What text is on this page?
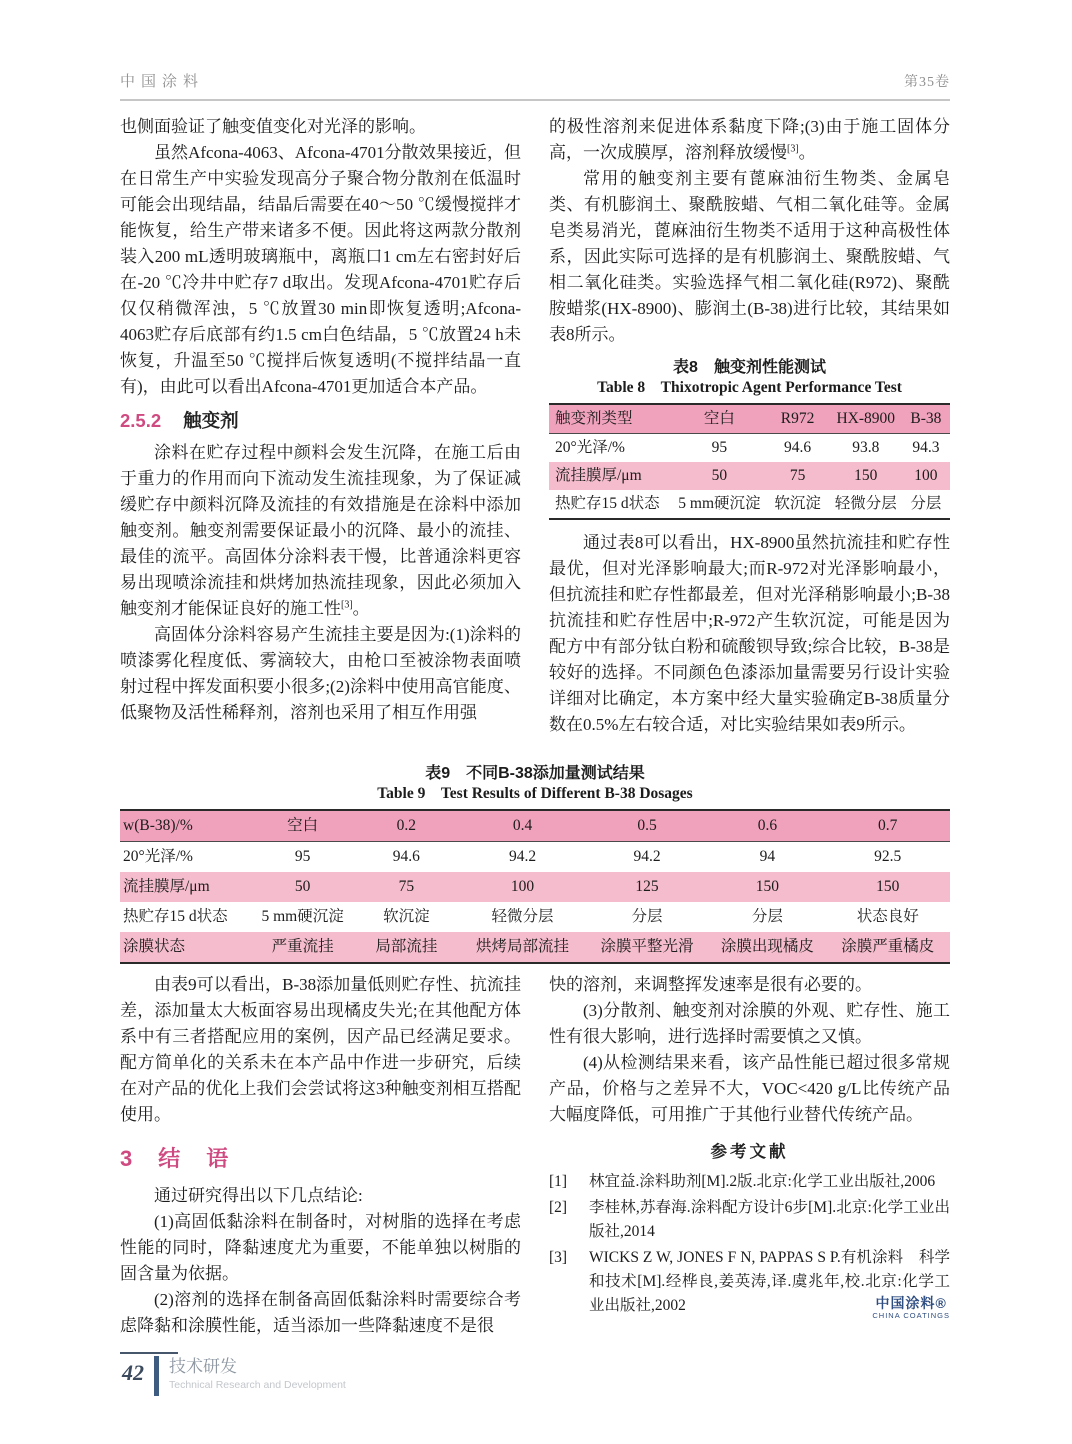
中国涂料	第35卷

也侧面验证了触变值变化对光泽的影响。

虽然Afcona-4063、Afcona-4701分散效果接近，但在日常生产中实验发现高分子聚合物分散剂在低温时可能会出现结晶，结晶后需要在40～50 ℃缓慢搅拌才能恢复，给生产带来诸多不便。因此将这两款分散剂装入200 mL透明玻璃瓶中，离瓶口1 cm左右密封好后在-20 ℃冷井中贮存7 d取出。发现Afcona-4701贮存后仅仅稍微浑浊，5 ℃放置30 min即恢复透明;Afcona-4063贮存后底部有约1.5 cm白色结晶，5 ℃放置24 h未恢复，升温至50 ℃搅拌后恢复透明(不搅拌结晶一直有)，由此可以看出Afcona-4701更加适合本产品。

2.5.2 触变剂

涂料在贮存过程中颜料会发生沉降，在施工后由于重力的作用而向下流动发生流挂现象，为了保证减缓贮存中颜料沉降及流挂的有效措施是在涂料中添加触变剂。触变剂需要保证最小的沉降、最小的流挂、最佳的流平。高固体分涂料表干慢，比普通涂料更容易出现喷涂流挂和烘烤加热流挂现象，因此必须加入触变剂才能保证良好的施工性[3]。

高固体分涂料容易产生流挂主要是因为:(1)涂料的喷漆雾化程度低、雾滴较大，由枪口至被涂物表面喷射过程中挥发面积要小很多;(2)涂料中使用高官能度、低聚物及活性稀释剂，溶剂也采用了相互作用强

的极性溶剂来促进体系黏度下降;(3)由于施工固体分高，一次成膜厚，溶剂释放缓慢[3]。

常用的触变剂主要有蓖麻油衍生物类、金属皂类、有机膨润土、聚酰胺蜡、气相二氧化硅等。金属皂类易消光，蓖麻油衍生物类不适用于这种高极性体系，因此实际可选择的是有机膨润土、聚酰胺蜡、气相二氧化硅类。实验选择气相二氧化硅(R972)、聚酰胺蜡浆(HX-8900)、膨润土(B-38)进行比较，其结果如表8所示。

表8　触变剂性能测试
Table 8　Thixotropic Agent Performance Test
触变剂类型	空白	R972	HX-8900	B-38
20°光泽/%	95	94.6	93.8	94.3
流挂膜厚/μm	50	75	150	100
热贮存15 d状态	5 mm硬沉淀	软沉淀	轻微分层	分层

通过表8可以看出，HX-8900虽然抗流挂和贮存性最优，但对光泽影响最大;而R-972对光泽影响最小，但抗流挂和贮存性都最差，但对光泽稍影响最小;B-38抗流挂和贮存性居中;R-972产生软沉淀，可能是因为配方中有部分钛白粉和硫酸钡导致;综合比较，B-38是较好的选择。不同颜色色漆添加量需要另行设计实验详细对比确定，本方案中经大量实验确定B-38质量分数在0.5%左右较合适，对比实验结果如表9所示。

表9　不同B-38添加量测试结果
Table 9　Test Results of Different B-38 Dosages
w(B-38)/%	空白	0.2	0.4	0.5	0.6	0.7
20°光泽/%	95	94.6	94.2	94.2	94	92.5
流挂膜厚/μm	50	75	100	125	150	150
热贮存15 d状态	5 mm硬沉淀	软沉淀	轻微分层	分层	分层	状态良好
涂膜状态	严重流挂	局部流挂	烘烤局部流挂	涂膜平整光滑	涂膜出现橘皮	涂膜严重橘皮

由表9可以看出，B-38添加量低则贮存性、抗流挂差，添加量太大板面容易出现橘皮失光;在其他配方体系中有三者搭配应用的案例，因产品已经满足要求。配方简单化的关系未在本产品中作进一步研究，后续在对产品的优化上我们会尝试将这3种触变剂相互搭配使用。

3　结　语

通过研究得出以下几点结论:

(1)高固低黏涂料在制备时，对树脂的选择在考虑性能的同时，降黏速度尤为重要，不能单独以树脂的固含量为依据。

(2)溶剂的选择在制备高固低黏涂料时需要综合考虑降黏和涂膜性能，适当添加一些降黏速度不是很

快的溶剂，来调整挥发速率是很有必要的。

(3)分散剂、触变剂对涂膜的外观、贮存性、施工性有很大影响，进行选择时需要慎之又慎。

(4)从检测结果来看，该产品性能已超过很多常规产品，价格与之差异不大，VOC<420 g/L比传统产品大幅度降低，可用推广于其他行业替代传统产品。

参考文献
[1]	林宜益.涂料助剂[M].2版.北京:化学工业出版社,2006
[2]	李桂林,苏春海.涂料配方设计6步[M].北京:化学工业出版社,2014
[3]	WICKS Z W, JONES F N, PAPPAS S P.有机涂料　科学和技术[M].经桦良,姜英涛,译.虞兆年,校.北京:化学工业出版社,2002	中国涂料®
CHINA COATINGS
42 技术研发
Technical Research and Development
